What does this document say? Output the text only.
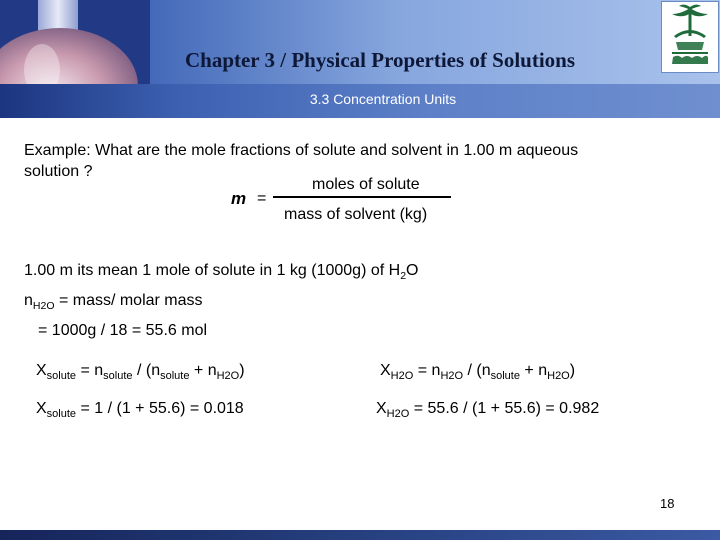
Chapter 3 / Physical Properties of Solutions
3.3 Concentration Units
Example: What are the mole fractions of solute and solvent in 1.00 m aqueous
solution ?
m =
moles of solute
mass of solvent (kg)
1.00 m its mean 1 mole of solute in 1 kg (1000g) of $H_2O$
$n_{H2O}$ = mass/ molar mass
= 1000g / 18 = 55.6 mol
$X_{solute} = n_{solute} / (n_{solute} + n_{H2O})$	$X_{H2O} = n_{H2O} / (n_{solute} + n_{H2O})$
$X_{solute} = 1 / (1 + 55.6) = 0.018$	$X_{H2O} = 55.6 / (1 + 55.6) = 0.982$
18
